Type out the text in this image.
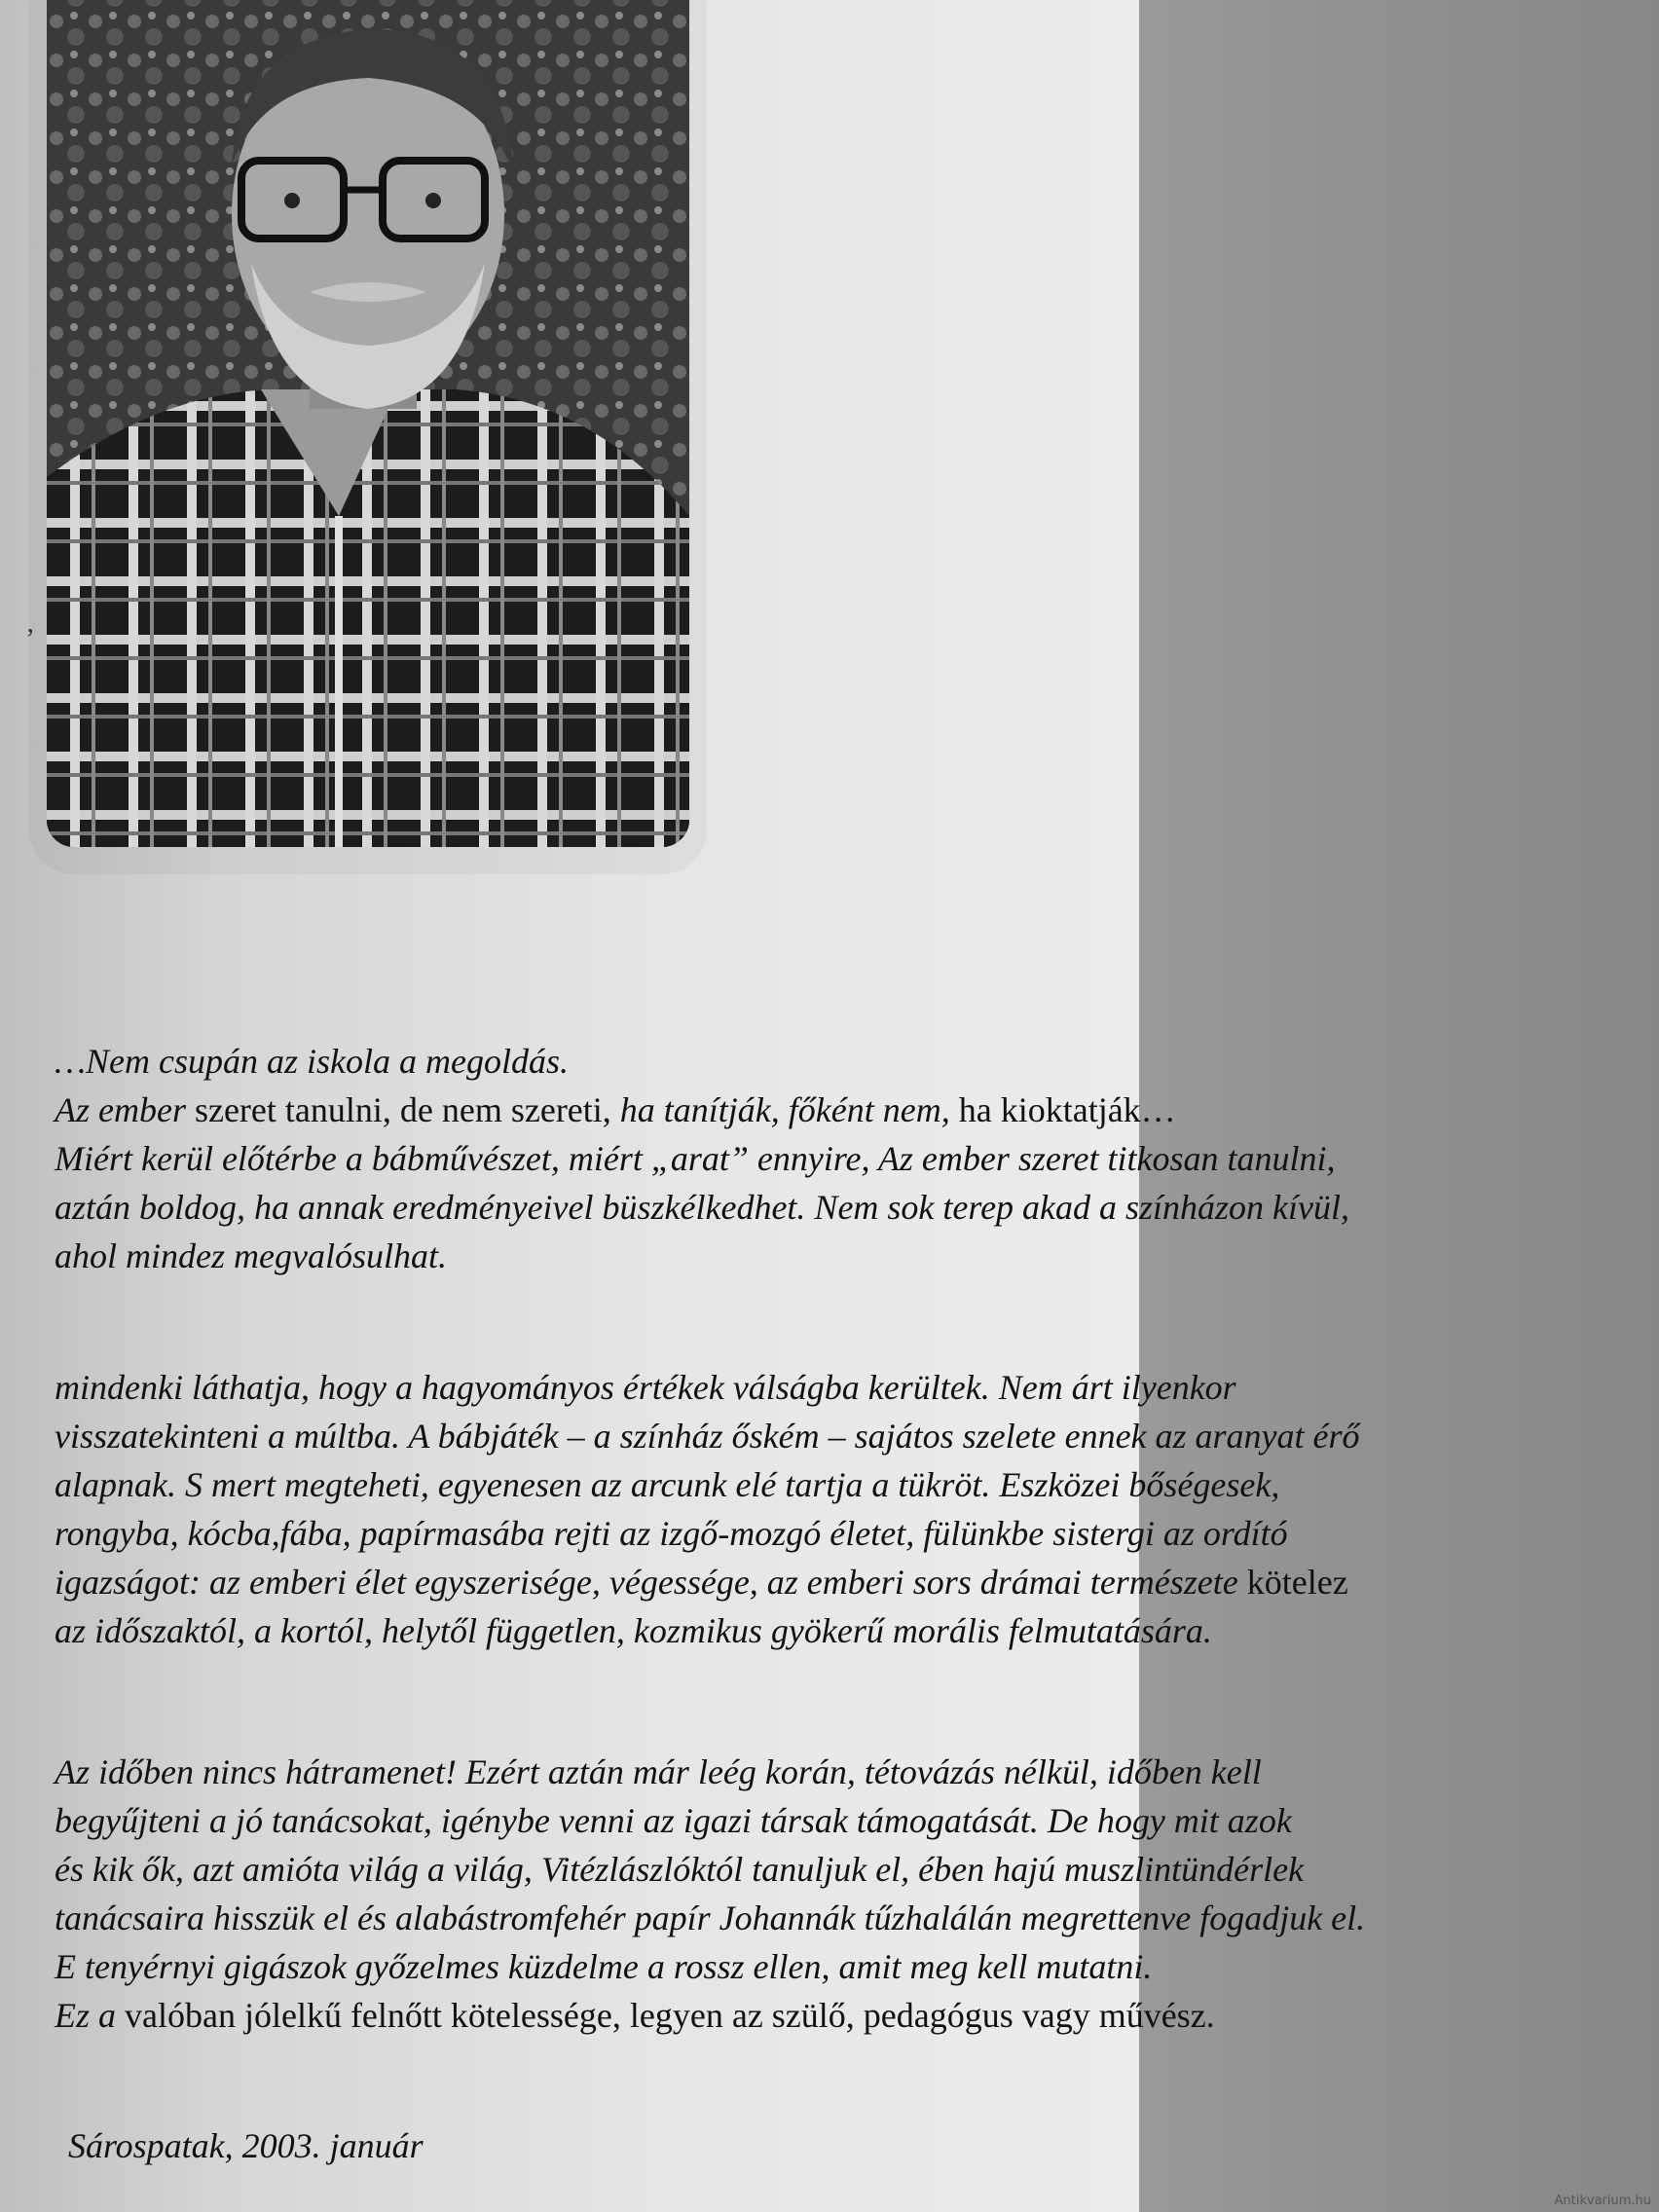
ʼ
…Nem csupán az iskola a megoldás.
Az ember szeret tanulni, de nem szereti, ha tanítják, főként nem, ha kioktatják…
Miért kerül előtérbe a bábművészet, miért „arat” ennyire, Az ember szeret titkosan tanulni,
aztán boldog, ha annak eredményeivel büszkélkedhet. Nem sok terep akad a színházon kívül,
ahol mindez megvalósulhat.
mindenki láthatja, hogy a hagyományos értékek válságba kerültek. Nem árt ilyenkor
visszatekinteni a múltba. A bábjáték – a színház őském – sajátos szelete ennek az aranyat érő
alapnak. S mert megteheti, egyenesen az arcunk elé tartja a tükröt. Eszközei bőségesek,
rongyba, kócba,fába, papírmasába rejti az izgő-mozgó életet, fülünkbe sistergi az ordító
igazságot: az emberi élet egyszerisége, végessége, az emberi sors drámai természete kötelez
az időszaktól, a kortól, helytől független, kozmikus gyökerű morális felmutatására.
Az időben nincs hátramenet! Ezért aztán már leég korán, tétovázás nélkül, időben kell
begyűjteni a jó tanácsokat, igénybe venni az igazi társak támogatását. De hogy mit azok
és kik ők, azt amióta világ a világ, Vitézlászlóktól tanuljuk el, ében hajú muszlintündérlek
tanácsaira hisszük el és alabástromfehér papír Johannák tűzhalálán megrettenve fogadjuk el.
E tenyérnyi gigászok győzelmes küzdelme a rossz ellen, amit meg kell mutatni.
Ez a valóban jólelkű felnőtt kötelessége, legyen az szülő, pedagógus vagy művész.
Sárospatak, 2003. január
Antikvarium.hu
